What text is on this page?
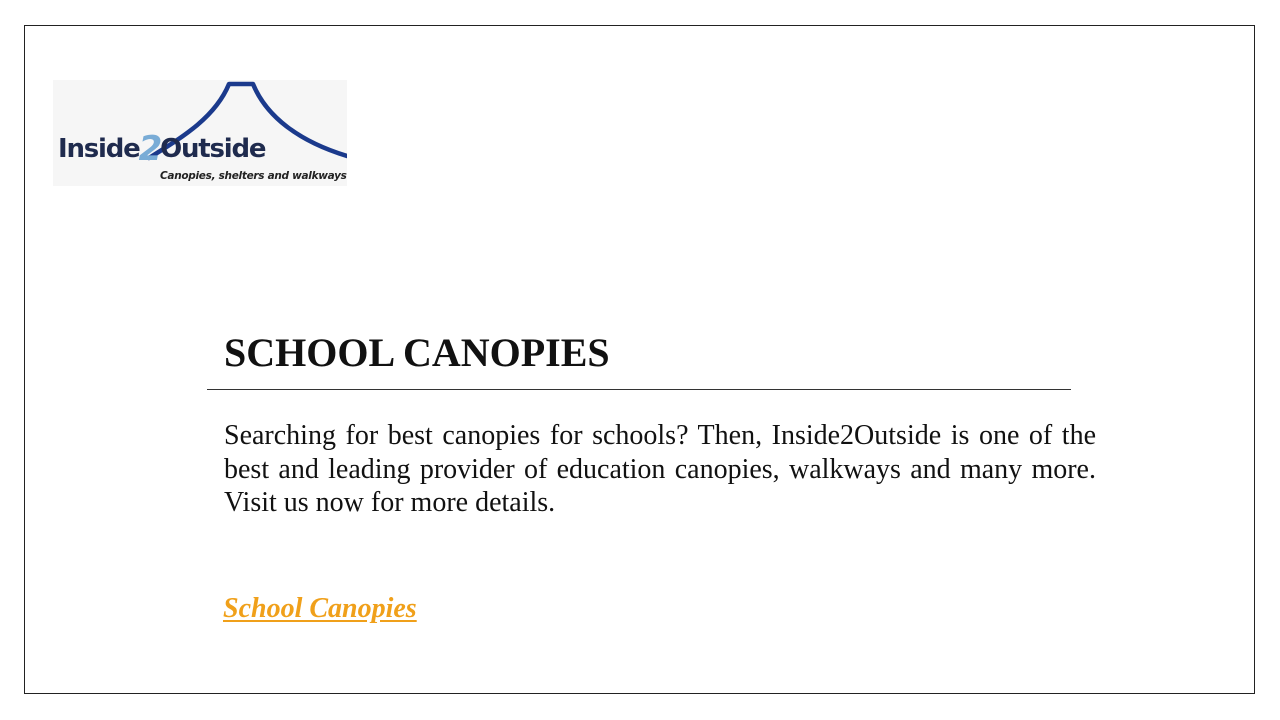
Inside2Outside
Canopies, shelters and walkways
SCHOOL CANOPIES

Searching for best canopies for schools? Then, Inside2Outside is one of the best and leading provider of education canopies, walkways and many more. Visit us now for more details.

School Canopies
